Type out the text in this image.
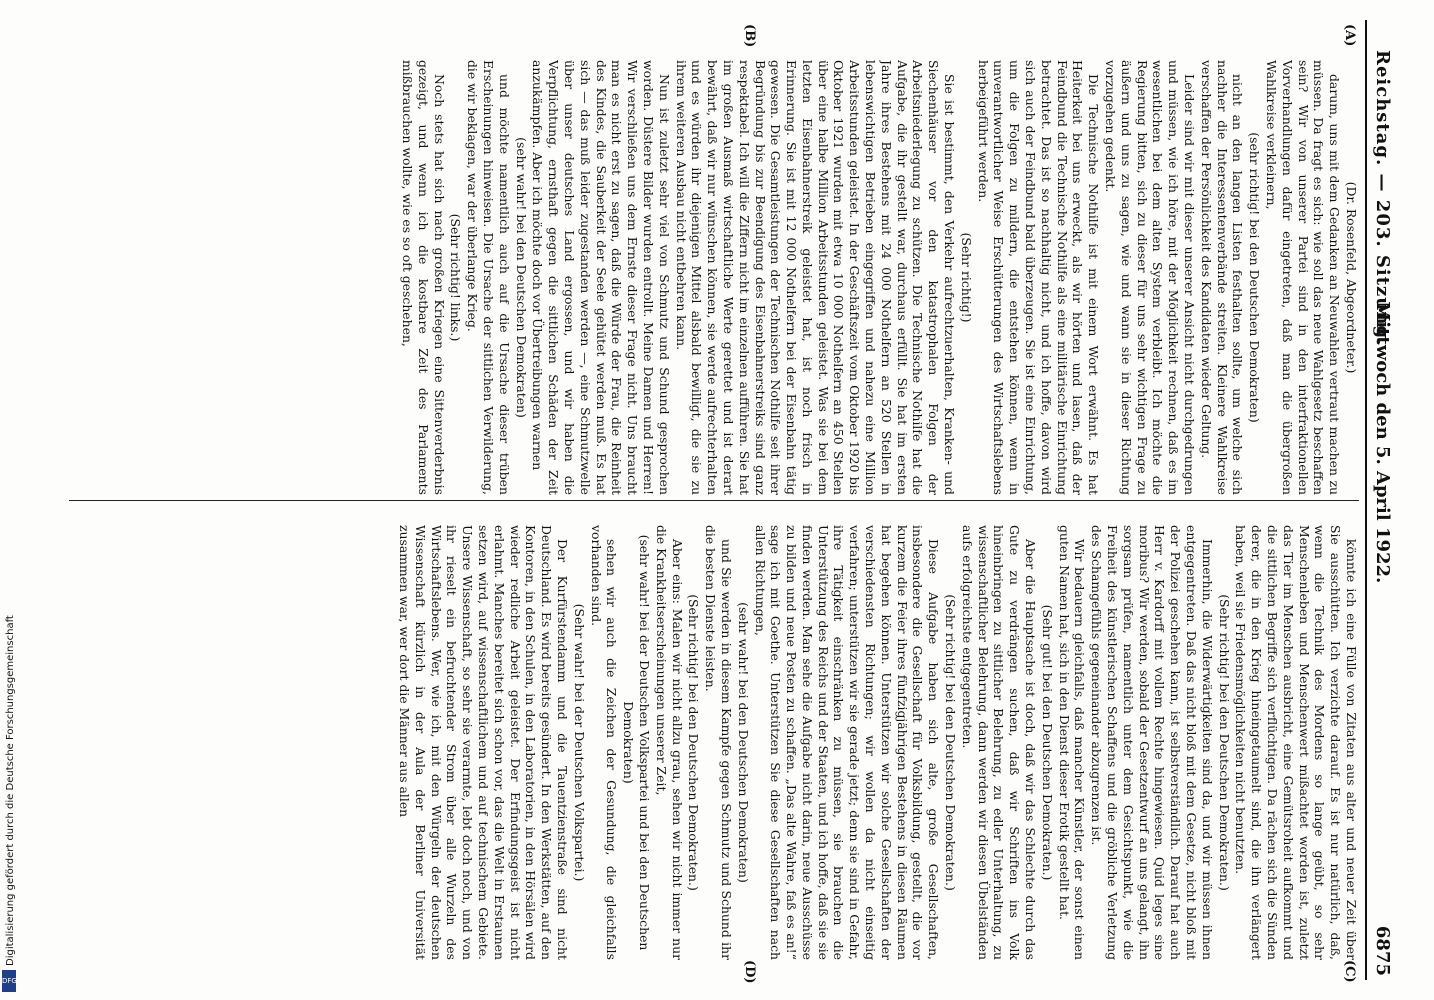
Reichstag. — 203. Sitzung.
Mittwoch den 5. April 1922.  6875
(A)
(B)
(C)
(D)

(Dr. Rosenfeld, Abgeordneter.)

darum, uns mit dem Gedanken an Neuwahlen vertraut machen zu müssen. Da fragt es sich: wie soll das neue Wahlgesetz beschaffen sein? Wir von unserer Partei sind in den interfraktionellen Vorverhandlungen dafür eingetreten, daß man die übergroßen Wahlkreise verkleinern,

(sehr richtig! bei den Deutschen Demokraten)

nicht an den langen Listen festhalten sollte, um welche sich nachher die Interessentenverbände streiten. Kleinere Wahlkreise verschaffen der Persönlichkeit des Kandidaten wieder Geltung.

Leider sind wir mit dieser unserer Ansicht nicht durchgedrungen und müssen, wie ich höre, mit der Möglichkeit rechnen, daß es im wesentlichen bei dem alten System verbleibt. Ich möchte die Regierung bitten, sich zu dieser für uns sehr wichtigen Frage zu äußern und uns zu sagen, wie und wann sie in dieser Richtung vorzugehen gedenkt.

Die Technische Nothilfe ist mit einem Wort erwähnt. Es hat Heiterkeit bei uns erweckt, als wir hörten und lasen, daß der Feindbund die Technische Nothilfe als eine militärische Einrichtung betrachtet. Das ist so nachhaltig nicht, und ich hoffe, davon wird sich auch der Feindbund bald überzeugen. Sie ist eine Einrichtung, um die Folgen zu mildern, die entstehen können, wenn in unverantwortlicher Weise Erschütterungen des Wirtschaftslebens herbeigeführt werden.

(Sehr richtig!)

Sie ist bestimmt, den Verkehr aufrechtzuerhalten, Kranken- und Siechenhäuser vor den katastrophalen Folgen der Arbeitsniederlegung zu schützen. Die Technische Nothilfe hat die Aufgabe, die ihr gestellt war, durchaus erfüllt. Sie hat im ersten Jahre ihres Bestehens mit 24 000 Nothelfern an 520 Stellen in lebenswichtigen Betrieben eingegriffen und nahezu eine Million Arbeitsstunden geleistet. In der Geschäftszeit vom Oktober 1920 bis Oktober 1921 wurden mit etwa 10 000 Nothelfern an 450 Stellen über eine halbe Million Arbeitsstunden geleistet. Was sie bei dem letzten Eisenbahnerstreik geleistet hat, ist noch frisch in Erinnerung. Sie ist mit 12 000 Nothelfern bei der Eisenbahn tätig gewesen. Die Gesamtleistungen der Technischen Nothilfe seit ihrer Begründung bis zur Beendigung des Eisenbahnerstreiks sind ganz respektabel. Ich will die Ziffern nicht im einzelnen aufführen. Sie hat im großen Ausmaß wirtschaftliche Werte gerettet und ist derart bewährt, daß wir nur wünschen können, sie werde aufrechterhalten und es würden ihr diejenigen Mittel alsbald bewilligt, die sie zu ihrem weiteren Ausbau nicht entbehren kann.

Nun ist zuletzt sehr viel von Schmutz und Schund gesprochen worden. Düstere Bilder wurden entrollt. Meine Damen und Herren! Wir verschließen uns dem Ernste dieser Frage nicht. Uns braucht man es nicht erst zu sagen, daß die Würde der Frau, die Reinheit des Kindes, die Sauberkeit der Seele gehütet werden muß. Es hat sich — das muß leider zugestanden werden —, eine Schmutzwelle über unser deutsches Land ergossen, und wir haben die Verpflichtung, ernsthaft gegen die sittlichen Schäden der Zeit anzukämpfen. Aber ich möchte doch vor Übertreibungen warnen

(sehr wahr! bei den Deutschen Demokraten)

und möchte namentlich auch auf die Ursache dieser trüben Erscheinungen hinweisen. Die Ursache der sittlichen Verwilderung, die wir beklagen, war der überlange Krieg.

(Sehr richtig! links.)

Noch stets hat sich nach großen Kriegen eine Sittenverderbnis gezeigt, und wenn ich die kostbare Zeit des Parlaments mißbrauchen wollte, wie es so oft geschehen,

könnte ich eine Fülle von Zitaten aus alter und neuer Zeit über Sie ausschütten. Ich verzichte darauf. Es ist nur natürlich, daß, wenn die Technik des Mordens so lange geübt, so sehr Menschenleben und Menschenwert mißachtet worden ist, zuletzt das Tier im Menschen ausbricht, eine Gemütsroheit aufkommt und die sittlichen Begriffe sich verflüchtigen. Da rächen sich die Sünden derer, die in den Krieg hineingetaumelt sind, die ihn verlängert haben, weil sie Friedensmöglichkeiten nicht benutzten.

(Sehr richtig! bei den Deutschen Demokraten.)

Immerhin, die Widerwärtigkeiten sind da, und wir müssen ihnen entgegentreten. Daß das nicht bloß mit dem Gesetze, nicht bloß mit der Polizei geschehen kann, ist selbstverständlich. Darauf hat auch Herr v. Kardorff mit vollem Rechte hingewiesen. Quid leges sine moribus? Wir werden, sobald der Gesetzentwurf an uns gelangt, ihn sorgsam prüfen, namentlich unter dem Gesichtspunkt, wie die Freiheit des künstlerischen Schaffens und die gröbliche Verletzung des Schamgefühls gegeneinander abzugrenzen ist.

Wir bedauern gleichfalls, daß mancher Künstler, der sonst einen guten Namen hat, sich in den Dienst dieser Erotik gestellt hat.

(Sehr gut! bei den Deutschen Demokraten.)

Aber die Hauptsache ist doch, daß wir das Schlechte durch das Gute zu verdrängen suchen, daß wir Schriften ins Volk hineinbringen zu sittlicher Belehrung, zu edler Unterhaltung, zu wissenschaftlicher Belehrung, dann werden wir diesen Übelständen aufs erfolgreichste entgegentreten.

(Sehr richtig! bei den Deutschen Demokraten.)

Diese Aufgabe haben sich alte, große Gesellschaften, insbesondere die Gesellschaft für Volksbildung, gestellt, die vor kurzem die Feier ihres fünfzigjährigen Bestehens in diesen Räumen hat begehen können. Unterstützen wir solche Gesellschaften der verschiedensten Richtungen; wir wollen da nicht einseitig verfahren; unterstützen wir sie gerade jetzt; denn sie sind in Gefahr, ihre Tätigkeit einschränken zu müssen, sie brauchen die Unterstützung des Reichs und der Staaten, und ich hoffe, daß sie sie finden werden. Man sehe die Aufgabe nicht darin, neue Ausschüsse zu bilden und neue Posten zu schaffen. „Das alte Wahre, faß es an!“ sage ich mit Goethe. Unterstützen Sie diese Gesellschaften nach allen Richtungen,

(sehr wahr! bei den Deutschen Demokraten)

und Sie werden in diesem Kampfe gegen Schmutz und Schund ihr die besten Dienste leisten.

(Sehr richtig! bei den Deutschen Demokraten.)

Aber eins: Malen wir nicht allzu grau, sehen wir nicht immer nur die Krankheitserscheinungen unserer Zeit,

(sehr wahr! bei der Deutschen Volkspartei und bei den Deutschen Demokraten)

sehen wir auch die Zeichen der Gesundung, die gleichfalls vorhanden sind.

(Sehr wahr! bei der Deutschen Volkspartei.)

Der Kurfürstendamm und die Tauentzienstraße sind nicht Deutschland. Es wird bereits gesündert. In den Werkstätten, auf den Kontoren, in den Schulen, in den Laboratorien, in den Hörsälen wird wieder redliche Arbeit geleistet. Der Erfindungsgeist ist nicht erlahmt. Manches bereitet sich schon vor, das die Welt in Erstaunen setzen wird, auf wissenschaftlichem und auf technischem Gebiete. Unsere Wissenschaft, so sehr sie verarmte, lebt doch noch, und von ihr rieselt ein befruchtender Strom über alle Wurzeln des Wirtschaftslebens. Wer, wie ich, mit den Würgeln der deutschen Wissenschaft kürzlich in der Aula der Berliner Universität zusammen war, wer dort die Männer aus allen

Digitalisierung gefördert durch die Deutsche Forschungsgemeinschaft
DFG
